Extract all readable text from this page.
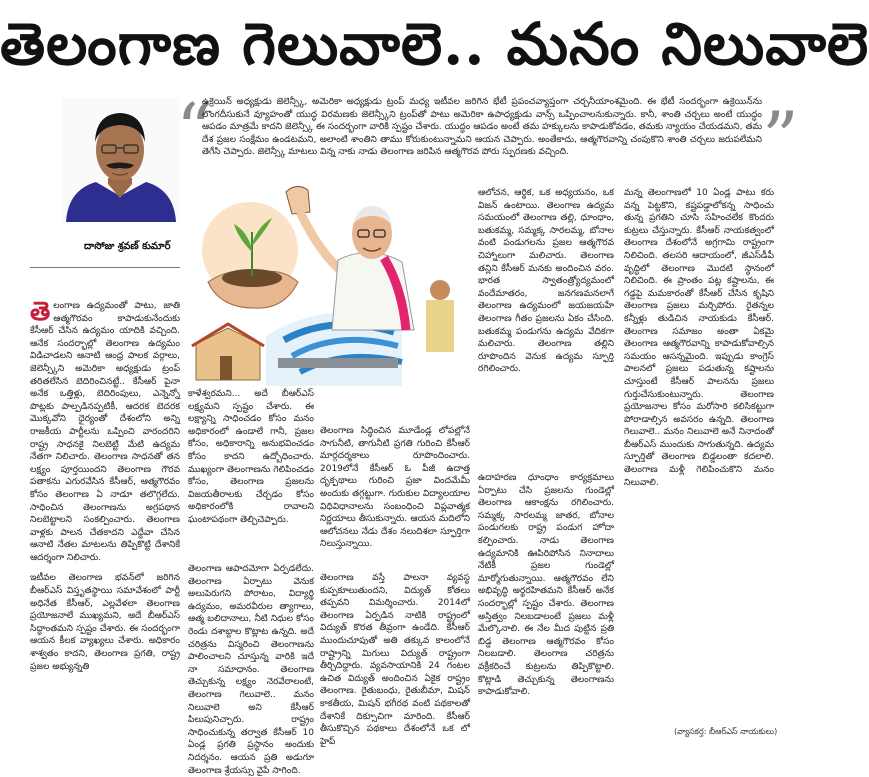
తెలంగాణ గెలువాలె.. మనం నిలువాలె
“
ఉక్రెయిన్ అధ్యక్షుడు జెలెన్స్కీ, అమెరికా అధ్యక్షుడు ట్రంప్ మధ్య ఇటీవల జరిగిన భేటీ ప్రపంచవ్యాప్తంగా చర్చనీయాంశమైంది. ఈ భేటీ సందర్భంగా ఉక్రెయిన్‌ను లొంగదీసుకునే వ్యూహంతో యుద్ధ విరమణకు జెలెన్స్కీని ట్రంప్‌తో పాటు అమెరికా ఉపాధ్యక్షుడు వాన్స్ ఒప్పించాలనుకున్నారు. కానీ, శాంతి చర్చలు అంటే యుద్ధం ఆపడం మాత్రమే కాదని జెలెన్స్కీ ఈ సందర్భంగా వారికి స్పష్టం చేశారు. యుద్ధం ఆపడం అంటే తమ హక్కులను కాపాడుకోవడం, తమకు న్యాయం చేయడమని, తమ దేశ ప్రజల సంక్షేమం ఉండటమని, అలాంటి శాంతిని తాము కోరుకుంటున్నామని ఆయన చెప్పారు. అంతేకాదు, ఆత్మగౌరవాన్ని చంపుకొని శాంతి చర్చలు జరుపలేమని తెగేసి చెప్పారు. జెలెన్స్కీ మాటలు విన్న నాకు నాడు తెలంగాణ జరిపిన ఆత్మగౌరవ పోరు స్ఫురణకు వచ్చింది.	”
దాసోజు శ్రవణ్ కుమార్

తెలంగాణ ఉద్యమంతో పాటు, జాతి ఆత్మగౌరవం కాపాడుకునేందుకు కేసీఆర్ చేసిన ఉద్యమం యాదికి వచ్చింది. ఆనేక సందర్భాల్లో తెలంగాణ ఉద్యమం విడిచాడలని ఆనాటి ఆంధ్ర పాలక వర్గాలు, జెలెన్స్కీని అమెరికా అధ్యక్షుడు ట్రంప్ తరితలేసిన బెదిరించినట్టే.. కేసీఆర్ పైనా అనేక ఒత్తిళ్లు, బెదిరింపులు, ఎన్నెన్నో పొట్లకు పాల్పడినప్పటికీ, ఆదరక బెదరక మొక్కవోని ధైర్యంతో దేశంలోని అన్ని రాజకీయ పార్టీలను ఒప్పించి వారందరిని రాష్ట్ర సాధనకై నిలబెట్టి మేటి ఉద్యమ నేతగా నిలిచారు. తెలంగాణ సాధనతో తన లక్ష్యం పూర్తయిందని తెలంగాణ గౌరవ పతాకను ఎగురవేసిన కేసీఆర్, ఆత్మగౌరవం కోసం తెలంగాణ ఏ నాడూ తలొగ్గలేదు. సాధించిన తెలంగాణను అగ్రపథాన నిలబెట్టాలని సంకల్పించారు. తెలంగాణ వాళ్లకు పాలన చేతకాదని ఎద్దేవా చేసిన ఆనాటి నేతల మాటలను తిప్పికొట్టి దేశానికే ఆదర్శంగా నిలిచారు.

ఇటీవల తెలంగాణ భవన్‌లో జరిగిన బీఆర్ఎస్ విస్తృతస్థాయి సమావేశంలో పార్టీ అధినేత కేసీఆర్, ఎల్లవేళలా తెలంగాణ ప్రయోజనాలే ముఖ్యమని, అదే బీఆర్ఎస్ సిద్ధాంతమని స్పష్టం చేశారు. ఈ సందర్భంగా ఆయన కీలక వ్యాఖ్యలు చేశారు. అధికారం శాశ్వతం కాదని, తెలంగాణ ప్రగతి, రాష్ట్ర ప్రజల అభ్యున్నతి

కాళేశ్వరమని... అదే బీఆర్ఎస్ లక్ష్యమని స్పష్టం చేశారు. ఈ లక్ష్యాన్ని సాధించడం కోసం మనం అధికారంలో ఉండాలే గానీ, ప్రజల కోసం, అధికారాన్ని అనుభవించడం కోసం కాదని ఉద్బోధించారు. ముఖ్యంగా తెలంగాణను గెలిపించడం కోసం, తెలంగాణ ప్రజలను విజయతీరాలకు చేర్చడం కోసం అధికారంలోకి రావాలని ఘంటాపథంగా తెల్చిచెప్పారు.
తెలంగాణ సిద్ధించిన మూడేండ్ల లోపల్లోనే సాగునీటి, తాగునీటి ప్రగతి గురించి కేసీఆర్ మార్గదర్శకాలు రూపొందించారు. 2019లోనే కేసీఆర్ ఓ పీజీ ఉదాత్త దృక్పథాలు గురించి ప్రజా విందమేమీ అందుకు తగ్గట్టుగా. గురుకుల విద్యాలయాల విధివిధానాలను సంబంధించి విప్లవాత్మక నిర్ణయాలు తీసుకున్నారు. ఆయన మదిలోని ఆలోచనలు నేడు దేశం నలుదిశలా స్ఫూర్తిగా నిలుస్తున్నాయి.
తెలంగాణ ఆపాదమోగా ఏర్పడలేదు. తెలంగాణ ఏర్పాటు వెనుక అలుపెరుగని పోరాటం, విద్యార్థి ఉద్యమం, అమరవీరుల త్యాగాలు, ఆత్మ బలిదానాలు, నీటి నిధుల కోసం రెండు దశాబ్దాల కొట్లాట ఉన్నది. అదే చరిత్రను విస్మరించి తెలంగాణను పాలించాలని చూస్తున్న వారికి ఇదే నా సమాధానం. తెలంగాణ తెచ్చుకున్న లక్ష్యం నెరవేరాలంటే, తెలంగాణ గెలువాలె.. మనం నిలువాలె అని కేసీఆర్ పిలుపునిచ్చారు. రాష్ట్రం సాధించుకున్న తర్వాత కేసీఆర్ 10 ఏండ్ల ప్రగతి ప్రస్థానం అందుకు నిదర్శనం. ఆయన ప్రతి అడుగూ తెలంగాణ శ్రేయస్సు వైపే సాగింది.
తెలంగాణ వస్తే పాలనా వ్యవస్థ కుప్పకూలుతుందని, విద్యుత్ కోతలు తప్పవని విమర్శించారు. 2014లో తెలంగాణ ఏర్పడిన నాటికి రాష్ట్రంలో విద్యుత్ కొరత తీవ్రంగా ఉండేది. కేసీఆర్ ముందుచూపుతో అతి తక్కువ కాలంలోనే రాష్ట్రాన్ని మిగులు విద్యుత్ రాష్ట్రంగా తీర్చిదిద్దారు. వ్యవసాయానికి 24 గంటల ఉచిత విద్యుత్ అందించిన ఏకైక రాష్ట్రం తెలంగాణ. రైతుబంధు, రైతుబీమా, మిషన్ కాకతీయ, మిషన్ భగీరథ వంటి పథకాలతో దేశానికే దిక్సూచిగా మారింది. కేసీఆర్ తీసుకొచ్చిన పథకాలు దేశంలోనే ఒక లో హైప్
ఆలోచన, ఆర్థిక, ఒక అధ్యయనం, ఒక విజన్ ఉంటాయి. తెలంగాణ ఉద్యమ సమయంలో తెలంగాణ తల్లి, ధూంధాం, బతుకమ్మ, సమ్మక్క సారలమ్మ, బోనాల వంటి పండుగలను ప్రజల ఆత్మగౌరవ చిహ్నాలుగా మలిచారు. తెలంగాణ తన్లిని కేసీఆర్ మనకు అందించిన వరం. భారత స్వాతంత్ర్యోద్యమంలో వందేమాతరం, జనగణమనలాగే తెలంగాణ ఉద్యమంలో జయజయహే తెలంగాణ గీతం ప్రజలను ఏకం చేసింది. బతుకమ్మ పండుగను ఉద్యమ వేదికగా మలిచారు. తెలంగాణ తల్లిని రూపొందిన వెనుక ఉద్యమ స్ఫూర్తి రగిలించారు.
ఉదాహరణ ధూంధాం కార్యక్రమాలు ఏర్పాటు చేసి ప్రజలను గుండెల్లో తెలంగాణ ఆకాంక్షను రగిలించారు. సమ్మక్క సారలమ్మ జాతర, బోనాల పండుగలకు రాష్ట్ర పండుగ హోదా కల్పించారు. నాడు తెలంగాణ ఉద్యమానికి ఊపిరిపోసిన నినాదాలు నేటికీ ప్రజల గుండెల్లో మార్మోగుతున్నాయి. ఆత్మగౌరవం లేని అభివృద్ధి అర్థరహితమని కేసీఆర్ అనేక సందర్భాల్లో స్పష్టం చేశారు. తెలంగాణ అస్తిత్వం నిలబడాలంటే ప్రజలు మళ్లీ మేల్కొనాలి. ఈ నేల మీద పుట్టిన ప్రతి బిడ్డ తెలంగాణ ఆత్మగౌరవం కోసం నిలబడాలి. తెలంగాణ చరిత్రను వక్రీకరించే కుట్రలను తిప్పికొట్టాలి. కొట్లాడి తెచ్చుకున్న తెలంగాణను కాపాడుకోవాలి.
మన్న తెలంగాణలో 10 ఏండ్ల పాటు కరు వన్న పెట్టకొని, కష్టపడ్డాలోకన్న సాధించు తున్న ప్రగతిని చూసి సహించలేక కొందరు కుట్రలు చేస్తున్నారు. కేసీఆర్ నాయకత్వంలో తెలంగాణ దేశంలోనే అగ్రగామి రాష్ట్రంగా నిలిచింది. తలసరి ఆదాయంలో, జీఎస్‌డీపీ వృద్ధిలో తెలంగాణ మొదటి స్థానంలో నిలిచింది. ఈ ప్రాంతం పట్ల కష్టాలను, ఈ గడ్డపై మమకారంతో కేసీఆర్ చేసిన కృషిని తెలంగాణ ప్రజలు మర్చిపోరు. రైతన్నల కన్నీళ్లు తుడిచిన నాయకుడు కేసీఆర్. తెలంగాణ సమాజం అంతా ఏకమై తెలంగాణ ఆత్మగౌరవాన్ని కాపాడుకోవాల్సిన సమయం ఆసన్నమైంది. ఇప్పుడు కాంగ్రెస్ పాలనలో ప్రజలు పడుతున్న కష్టాలను చూస్తుంటే కేసీఆర్ పాలనను ప్రజలు గుర్తుచేసుకుంటున్నారు. తెలంగాణ ప్రయోజనాల కోసం మరోసారి కలిసికట్టుగా పోరాడాల్సిన అవసరం ఉన్నది. తెలంగాణ గెలువాలె.. మనం నిలువాలె అనే నినాదంతో బీఆర్ఎస్ ముందుకు సాగుతున్నది. ఉద్యమ స్ఫూర్తితో తెలంగాణ బిడ్డలంతా కదలాలి. తెలంగాణ మళ్లీ గెలిపించుకొని మనం నిలువాలి.
(వ్యాసకర్త: బీఆర్ఎస్ నాయకులు)
